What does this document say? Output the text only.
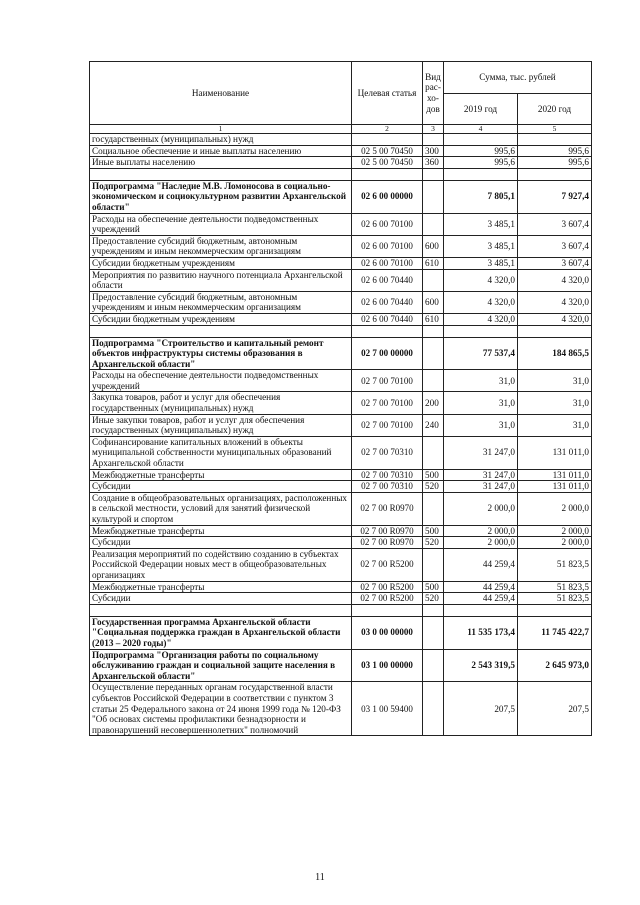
Наименование	Целевая статья	Вид рас-хо-дов	Сумма, тыс. рублей	
			2019 год	2020 год
1	2	3	4	5
государственных (муниципальных) нужд				
Социальное обеспечение и иные выплаты населению	02 5 00 70450	300	995,6	995,6
Иные выплаты населению	02 5 00 70450	360	995,6	995,6

Подпрограмма "Наследие М.В. Ломоносова в социально-экономическом и социокультурном развитии Архангельской области"	02 6 00 00000		7 805,1	7 927,4
Расходы на обеспечение деятельности подведомственных учреждений	02 6 00 70100		3 485,1	3 607,4
Предоставление субсидий бюджетным, автономным учреждениям и иным некоммерческим организациям	02 6 00 70100	600	3 485,1	3 607,4
Субсидии бюджетным учреждениям	02 6 00 70100	610	3 485,1	3 607,4
Мероприятия по развитию научного потенциала Архангельской области	02 6 00 70440		4 320,0	4 320,0
Предоставление субсидий бюджетным, автономным учреждениям и иным некоммерческим организациям	02 6 00 70440	600	4 320,0	4 320,0
Субсидии бюджетным учреждениям	02 6 00 70440	610	4 320,0	4 320,0

Подпрограмма "Строительство и капитальный ремонт объектов инфраструктуры системы образования в Архангельской области"	02 7 00 00000		77 537,4	184 865,5
Расходы на обеспечение деятельности подведомственных учреждений	02 7 00 70100		31,0	31,0
Закупка товаров, работ и услуг для обеспечения государственных (муниципальных) нужд	02 7 00 70100	200	31,0	31,0
Иные закупки товаров, работ и услуг для обеспечения государственных (муниципальных) нужд	02 7 00 70100	240	31,0	31,0
Софинансирование капитальных вложений в объекты муниципальной собственности муниципальных образований Архангельской области	02 7 00 70310		31 247,0	131 011,0
Межбюджетные трансферты	02 7 00 70310	500	31 247,0	131 011,0
Субсидии	02 7 00 70310	520	31 247,0	131 011,0
Создание в общеобразовательных организациях, расположенных в сельской местности, условий для занятий физической культурой и спортом	02 7 00 R0970		2 000,0	2 000,0
Межбюджетные трансферты	02 7 00 R0970	500	2 000,0	2 000,0
Субсидии	02 7 00 R0970	520	2 000,0	2 000,0
Реализация мероприятий по содействию созданию в субъектах Российской Федерации новых мест в общеобразовательных организациях	02 7 00 R5200		44 259,4	51 823,5
Межбюджетные трансферты	02 7 00 R5200	500	44 259,4	51 823,5
Субсидии	02 7 00 R5200	520	44 259,4	51 823,5

Государственная программа Архангельской области "Социальная поддержка граждан в Архангельской области (2013 – 2020 годы)"	03 0 00 00000		11 535 173,4	11 745 422,7
Подпрограмма "Организация работы по социальному обслуживанию граждан и социальной защите населения в Архангельской области"	03 1 00 00000		2 543 319,5	2 645 973,0
Осуществление переданных органам государственной власти субъектов Российской Федерации в соответствии с пунктом 3 статьи 25 Федерального закона от 24 июня 1999 года № 120-ФЗ "Об основах системы профилактики безнадзорности и правонарушений несовершеннолетних" полномочий	03 1 00 59400		207,5	207,5
11
